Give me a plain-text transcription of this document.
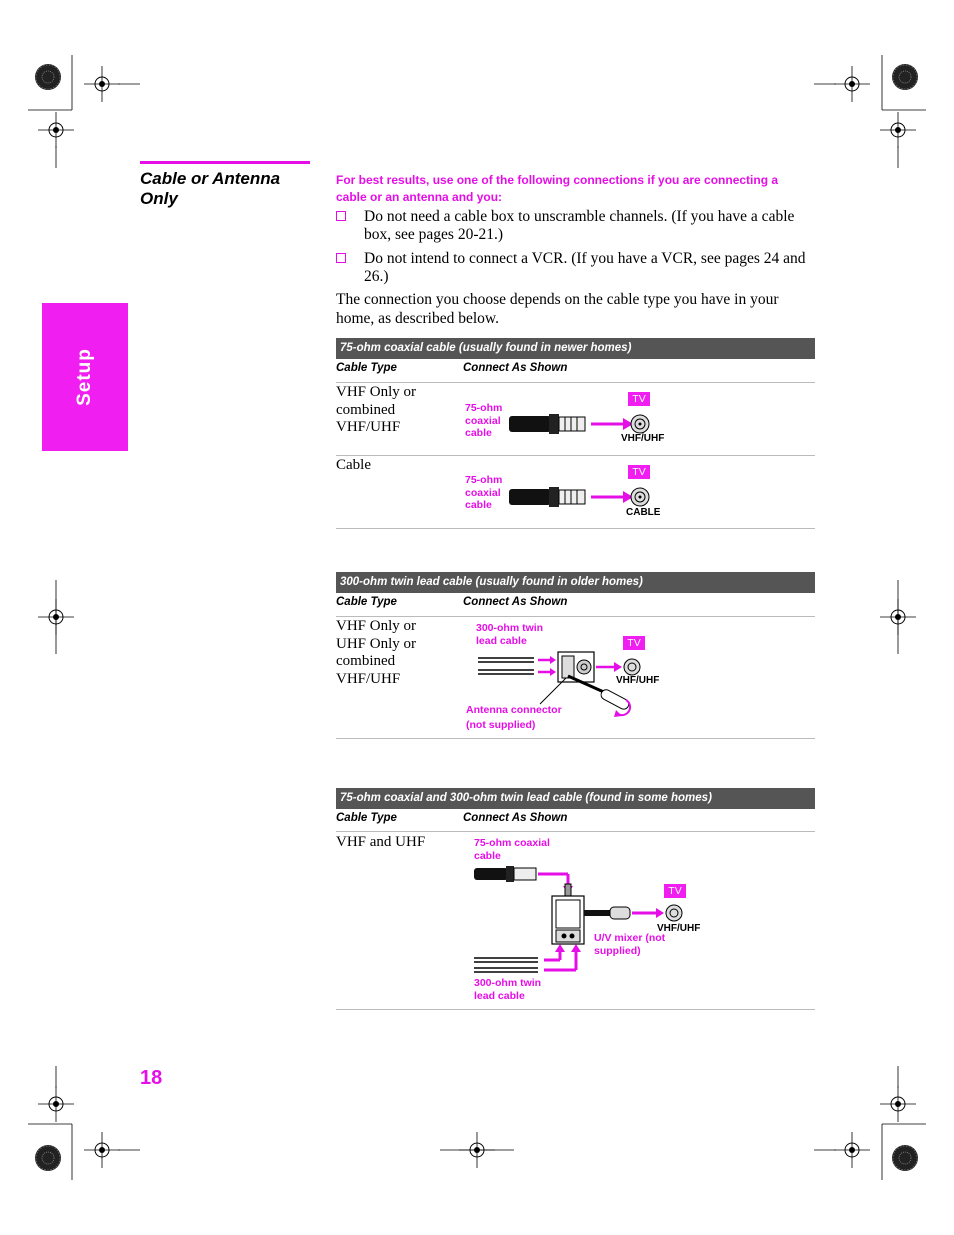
Setup
Cable or Antenna Only
For best results, use one of the following connections if you are connecting a cable or an antenna and you:
Do not need a cable box to unscramble channels. (If you have a cable box, see pages 20-21.)
Do not intend to connect a VCR. (If you have a VCR, see pages 24 and 26.)
The connection you choose depends on the cable type you have in your home, as described below.
75-ohm coaxial cable (usually found in newer homes)
Cable Type	Connect As Shown
VHF Only or combined VHF/UHF
75-ohm coaxial cable
TV
VHF/UHF
Cable
75-ohm coaxial cable
TV
CABLE
300-ohm twin lead cable (usually found in older homes)
Cable Type	Connect As Shown
VHF Only or UHF Only or combined VHF/UHF
300-ohm twin lead cable	TV
VHF/UHF
Antenna connector (not supplied)
75-ohm coaxial and 300-ohm twin lead cable (found in some homes)
Cable Type	Connect As Shown
VHF and UHF	75-ohm coaxial cable
TV
VHF/UHF
U/V mixer (not supplied)
300-ohm twin lead cable
18
